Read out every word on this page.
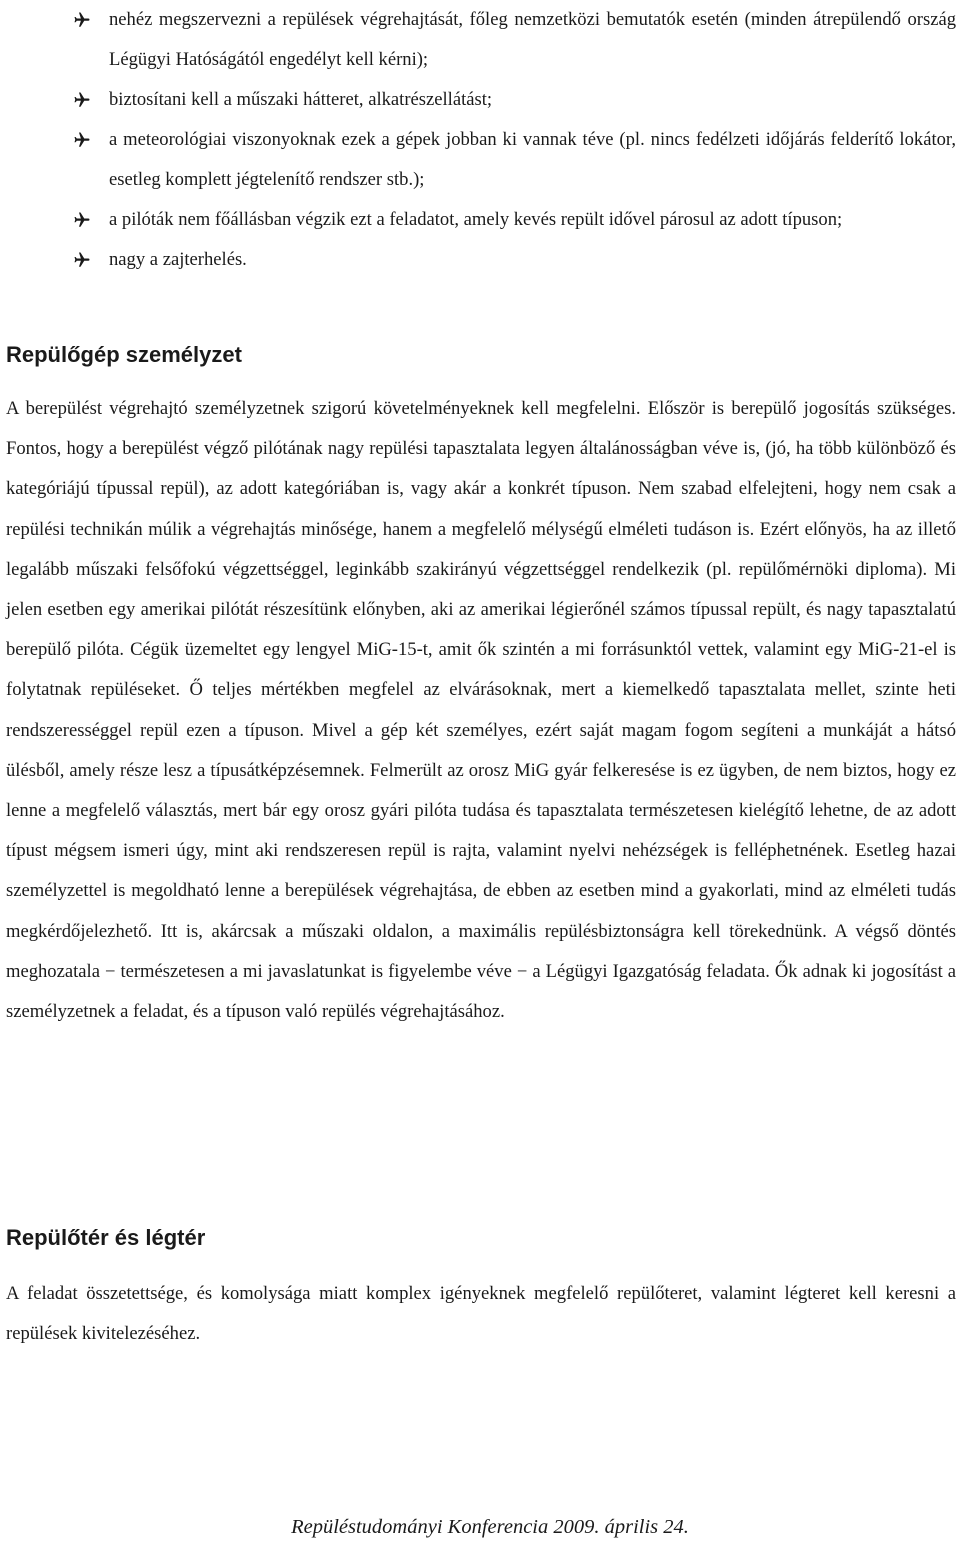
nehéz megszervezni a repülések végrehajtását, főleg nemzetközi bemutatók esetén (minden átrepülendő ország Légügyi Hatóságától engedélyt kell kérni);
biztosítani kell a műszaki hátteret, alkatrészellátást;
a meteorológiai viszonyoknak ezek a gépek jobban ki vannak téve (pl. nincs fedélzeti időjárás felderítő lokátor, esetleg komplett jégtelenítő rendszer stb.);
a pilóták nem főállásban végzik ezt a feladatot, amely kevés repült idővel párosul az adott típuson;
nagy a zajterhelés.
Repülőgép személyzet

A berepülést végrehajtó személyzetnek szigorú követelményeknek kell megfelelni. Először is berepülő jogosítás szükséges. Fontos, hogy a berepülést végző pilótának nagy repülési tapasztalata legyen általánosságban véve is, (jó, ha több különböző és kategóriájú típussal repül), az adott kategóriában is, vagy akár a konkrét típuson. Nem szabad elfelejteni, hogy nem csak a repülési technikán múlik a végrehajtás minősége, hanem a megfelelő mélységű elméleti tudáson is. Ezért előnyös, ha az illető legalább műszaki felsőfokú végzettséggel, leginkább szakirányú végzettséggel rendelkezik (pl. repülőmérnöki diploma). Mi jelen esetben egy amerikai pilótát részesítünk előnyben, aki az amerikai légierőnél számos típussal repült, és nagy tapasztalatú berepülő pilóta. Cégük üzemeltet egy lengyel MiG-15-t, amit ők szintén a mi forrásunktól vettek, valamint egy MiG-21-el is folytatnak repüléseket. Ő teljes mértékben megfelel az elvárásoknak, mert a kiemelkedő tapasztalata mellet, szinte heti rendszerességgel repül ezen a típuson. Mivel a gép két személyes, ezért saját magam fogom segíteni a munkáját a hátsó ülésből, amely része lesz a típusátképzésemnek. Felmerült az orosz MiG gyár felkeresése is ez ügyben, de nem biztos, hogy ez lenne a megfelelő választás, mert bár egy orosz gyári pilóta tudása és tapasztalata természetesen kielégítő lehetne, de az adott típust mégsem ismeri úgy, mint aki rendszeresen repül is rajta, valamint nyelvi nehézségek is felléphetnének. Esetleg hazai személyzettel is megoldható lenne a berepülések végrehajtása, de ebben az esetben mind a gyakorlati, mind az elméleti tudás megkérdőjelezhető. Itt is, akárcsak a műszaki oldalon, a maximális repülésbiztonságra kell törekednünk. A végső döntés meghozatala − természetesen a mi javaslatunkat is figyelembe véve − a Légügyi Igazgatóság feladata. Ők adnak ki jogosítást a személyzetnek a feladat, és a típuson való repülés végrehajtásához.

Repülőtér és légtér

A feladat összetettsége, és komolysága miatt komplex igényeknek megfelelő repülőteret, valamint légteret kell keresni a repülések kivitelezéséhez.

Repüléstudományi Konferencia 2009. április 24.
